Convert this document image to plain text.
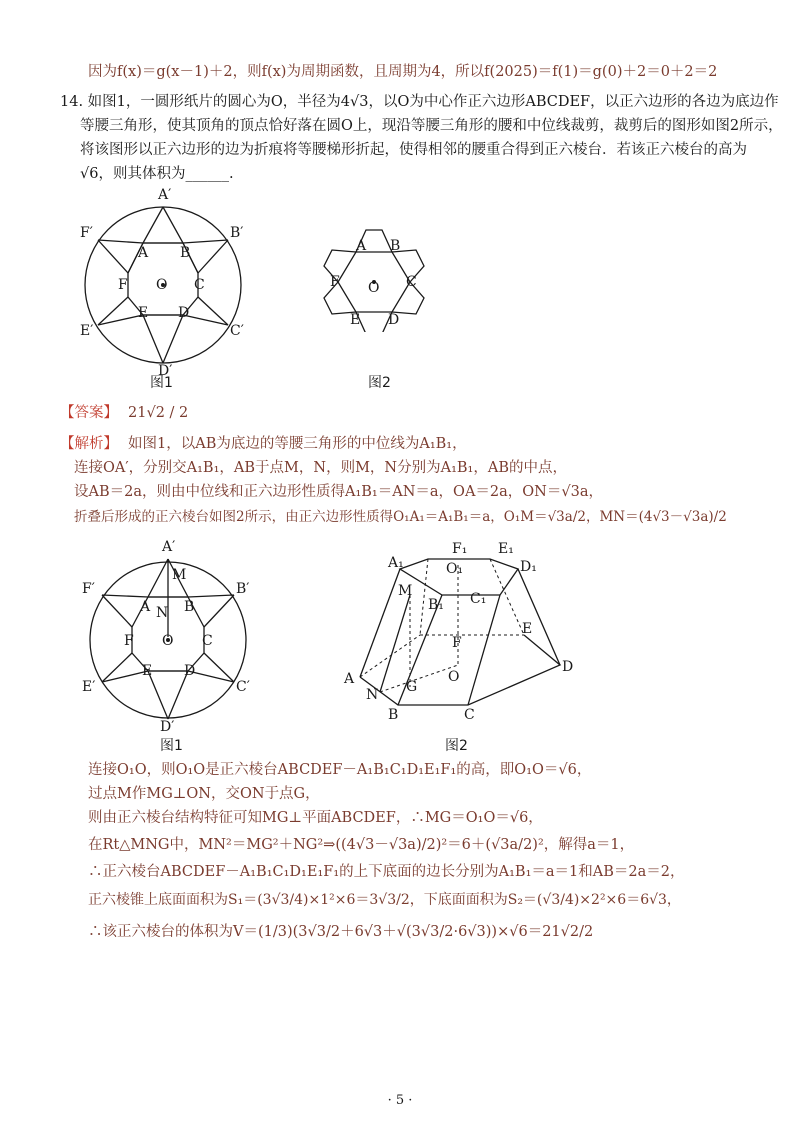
因为f(x)＝g(x－1)＋2，则f(x)为周期函数，且周期为4，所以f(2025)＝f(1)＝g(0)＋2＝0＋2＝2
14. 如图1，一圆形纸片的圆心为O，半径为4√3，以O为中心作正六边形ABCDEF，以正六边形的各边为底边作
等腰三角形，使其顶角的顶点恰好落在圆O上，现沿等腰三角形的腰和中位线裁剪，裁剪后的图形如图2所示，
将该图形以正六边形的边为折痕将等腰梯形折起，使得相邻的腰重合得到正六棱台．若该正六棱台的高为
√6，则其体积为______.
A′
B′
C′
D′
E′
F′
A B
C
D
E
F O
图1
A B
C
D
E
F O
图2
【答案】 21√2 / 2
【解析】 如图1，以AB为底边的等腰三角形的中位线为A₁B₁，
连接OA′，分别交A₁B₁，AB于点M，N，则M，N分别为A₁B₁，AB的中点，
设AB＝2a，则由中位线和正六边形性质得A₁B₁＝AN＝a，OA＝2a，ON＝√3a，
折叠后形成的正六棱台如图2所示，由正六边形性质得O₁A₁＝A₁B₁＝a，O₁M＝√3a/2，MN＝(4√3－√3a)/2
A′
B′
C′
D′
E′
F′
M
N
A B
C
D
E
F O
图1
A₁
F₁ E₁
D₁
O₁
M
B₁ C₁
E
F
D
A
N G
O
B	C
图2
连接O₁O，则O₁O是正六棱台ABCDEF－A₁B₁C₁D₁E₁F₁的高，即O₁O＝√6，
过点M作MG⊥ON，交ON于点G，
则由正六棱台结构特征可知MG⊥平面ABCDEF，∴MG＝O₁O＝√6，
在Rt△MNG中，MN²＝MG²＋NG²⇒((4√3－√3a)/2)²＝6＋(√3a/2)²，解得a＝1，
∴正六棱台ABCDEF－A₁B₁C₁D₁E₁F₁的上下底面的边长分别为A₁B₁＝a＝1和AB＝2a＝2，
正六棱锥上底面面积为S₁＝(3√3/4)×1²×6＝3√3/2，下底面面积为S₂＝(√3/4)×2²×6＝6√3，
∴该正六棱台的体积为V＝(1/3)(3√3/2＋6√3＋√(3√3/2·6√3))×√6＝21√2/2
· 5 ·
